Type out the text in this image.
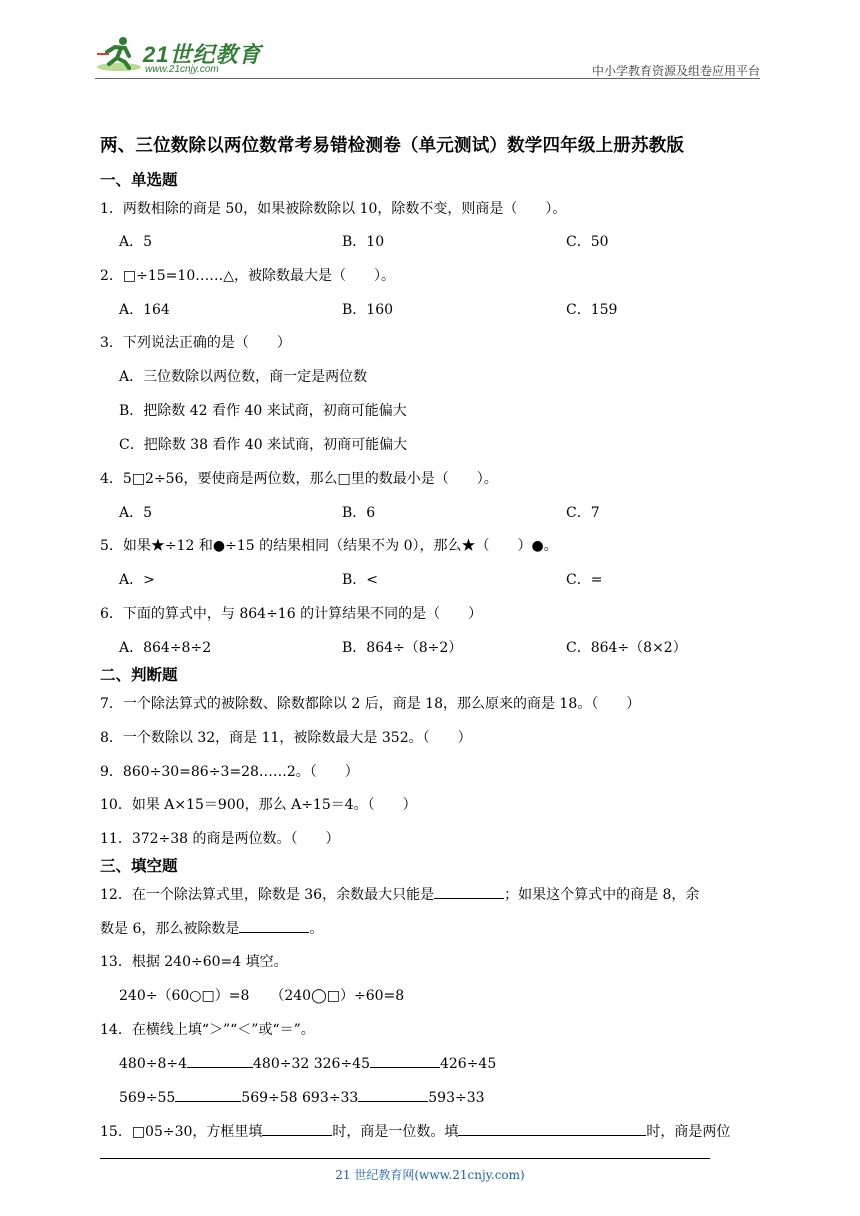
21世纪教育
www.21cnjy.com	中小学教育资源及组卷应用平台
两、三位数除以两位数常考易错检测卷（单元测试）数学四年级上册苏教版
一、单选题
1．两数相除的商是 50，如果被除数除以 10，除数不变，则商是（　　）。
A．5	B．10	C．50
2．□÷15=10……△，被除数最大是（　　）。
A．164	B．160	C．159
3．下列说法正确的是（　　）
A．三位数除以两位数，商一定是两位数
B．把除数 42 看作 40 来试商，初商可能偏大
C．把除数 38 看作 40 来试商，初商可能偏大
4．5□2÷56，要使商是两位数，那么□里的数最小是（　　）。
A．5	B．6	C．7
5．如果★÷12 和●÷15 的结果相同（结果不为 0），那么★（　　）●。
A．>	B．<	C．=
6．下面的算式中，与 864÷16 的计算结果不同的是（　　）
A．864÷8÷2	B．864÷（8÷2）	C．864÷（8×2）
二、判断题
7．一个除法算式的被除数、除数都除以 2 后，商是 18，那么原来的商是 18。（　　）
8．一个数除以 32，商是 11，被除数最大是 352。（　　）
9．860÷30=86÷3=28……2。（　　）
10．如果 A×15＝900，那么 A÷15＝4。（　　）
11．372÷38 的商是两位数。（　　）
三、填空题
12．在一个除法算式里，除数是 36，余数最大只能是	；如果这个算式中的商是 8，余
数是 6，那么被除数是	。
13．根据 240÷60=4 填空。
240÷（60○□）=8　　（240◯□）÷60=8
14．在横线上填“＞”“＜”或“＝”。
480÷8÷4	480÷32 326÷45	426÷45
569÷55	569÷58 693÷33	593÷33
15．□05÷30，方框里填	时，商是一位数。填	时，商是两位
21 世纪教育网(www.21cnjy.com)
